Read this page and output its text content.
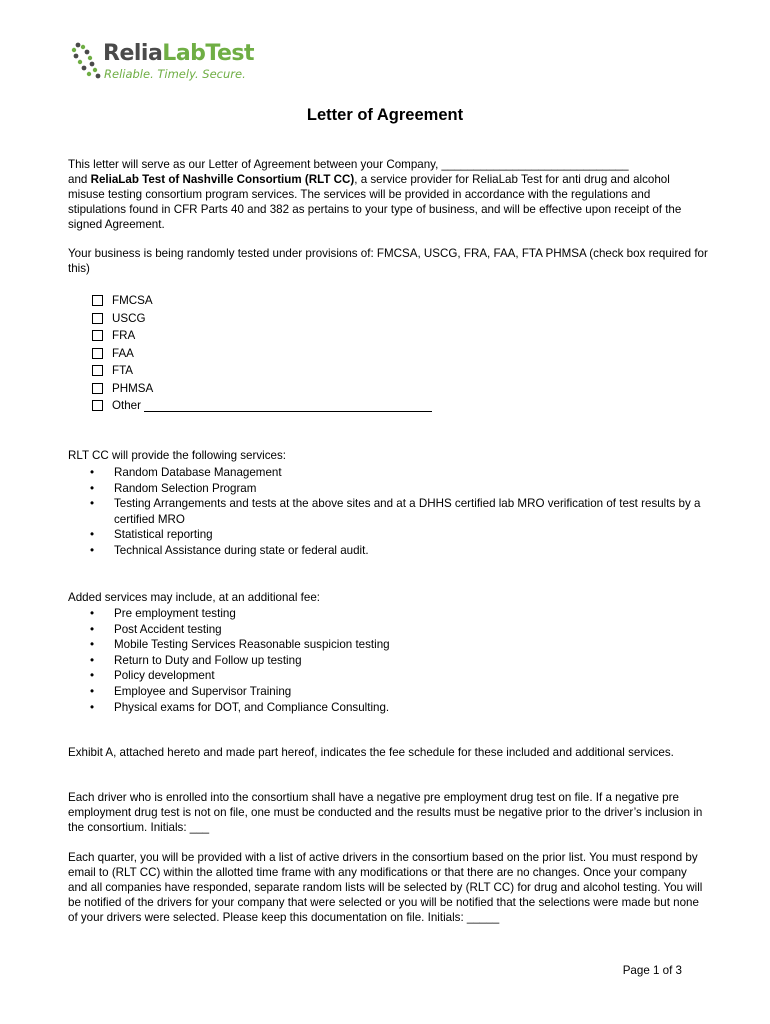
ReliaLabTest
Reliable. Timely. Secure.
Letter of Agreement

This letter will serve as our Letter of Agreement between your Company, _____________________________
and ReliaLab Test of Nashville Consortium (RLT CC), a service provider for ReliaLab Test for anti drug and alcohol misuse testing consortium program services. The services will be provided in accordance with the regulations and stipulations found in CFR Parts 40 and 382 as pertains to your type of business, and will be effective upon receipt of the signed Agreement.

Your business is being randomly tested under provisions of: FMCSA, USCG, FRA, FAA, FTA PHMSA (check box required for this)

FMCSA
USCG
FRA
FAA
FTA
PHMSA
Other

RLT CC will provide the following services:

• Random Database Management
• Random Selection Program
• Testing Arrangements and tests at the above sites and at a DHHS certified lab MRO verification of test results by a certified MRO
• Statistical reporting
• Technical Assistance during state or federal audit.

Added services may include, at an additional fee:

• Pre employment testing
• Post Accident testing
• Mobile Testing Services Reasonable suspicion testing
• Return to Duty and Follow up testing
• Policy development
• Employee and Supervisor Training
• Physical exams for DOT, and Compliance Consulting.

Exhibit A, attached hereto and made part hereof, indicates the fee schedule for these included and additional services.

Each driver who is enrolled into the consortium shall have a negative pre employment drug test on file. If a negative pre employment drug test is not on file, one must be conducted and the results must be negative prior to the driver’s inclusion in the consortium. Initials: ___

Each quarter, you will be provided with a list of active drivers in the consortium based on the prior list. You must respond by email to (RLT CC) within the allotted time frame with any modifications or that there are no changes. Once your company and all companies have responded, separate random lists will be selected by (RLT CC) for drug and alcohol testing. You will be notified of the drivers for your company that were selected or you will be notified that the selections were made but none of your drivers were selected. Please keep this documentation on file. Initials: _____

Page 1 of 3
